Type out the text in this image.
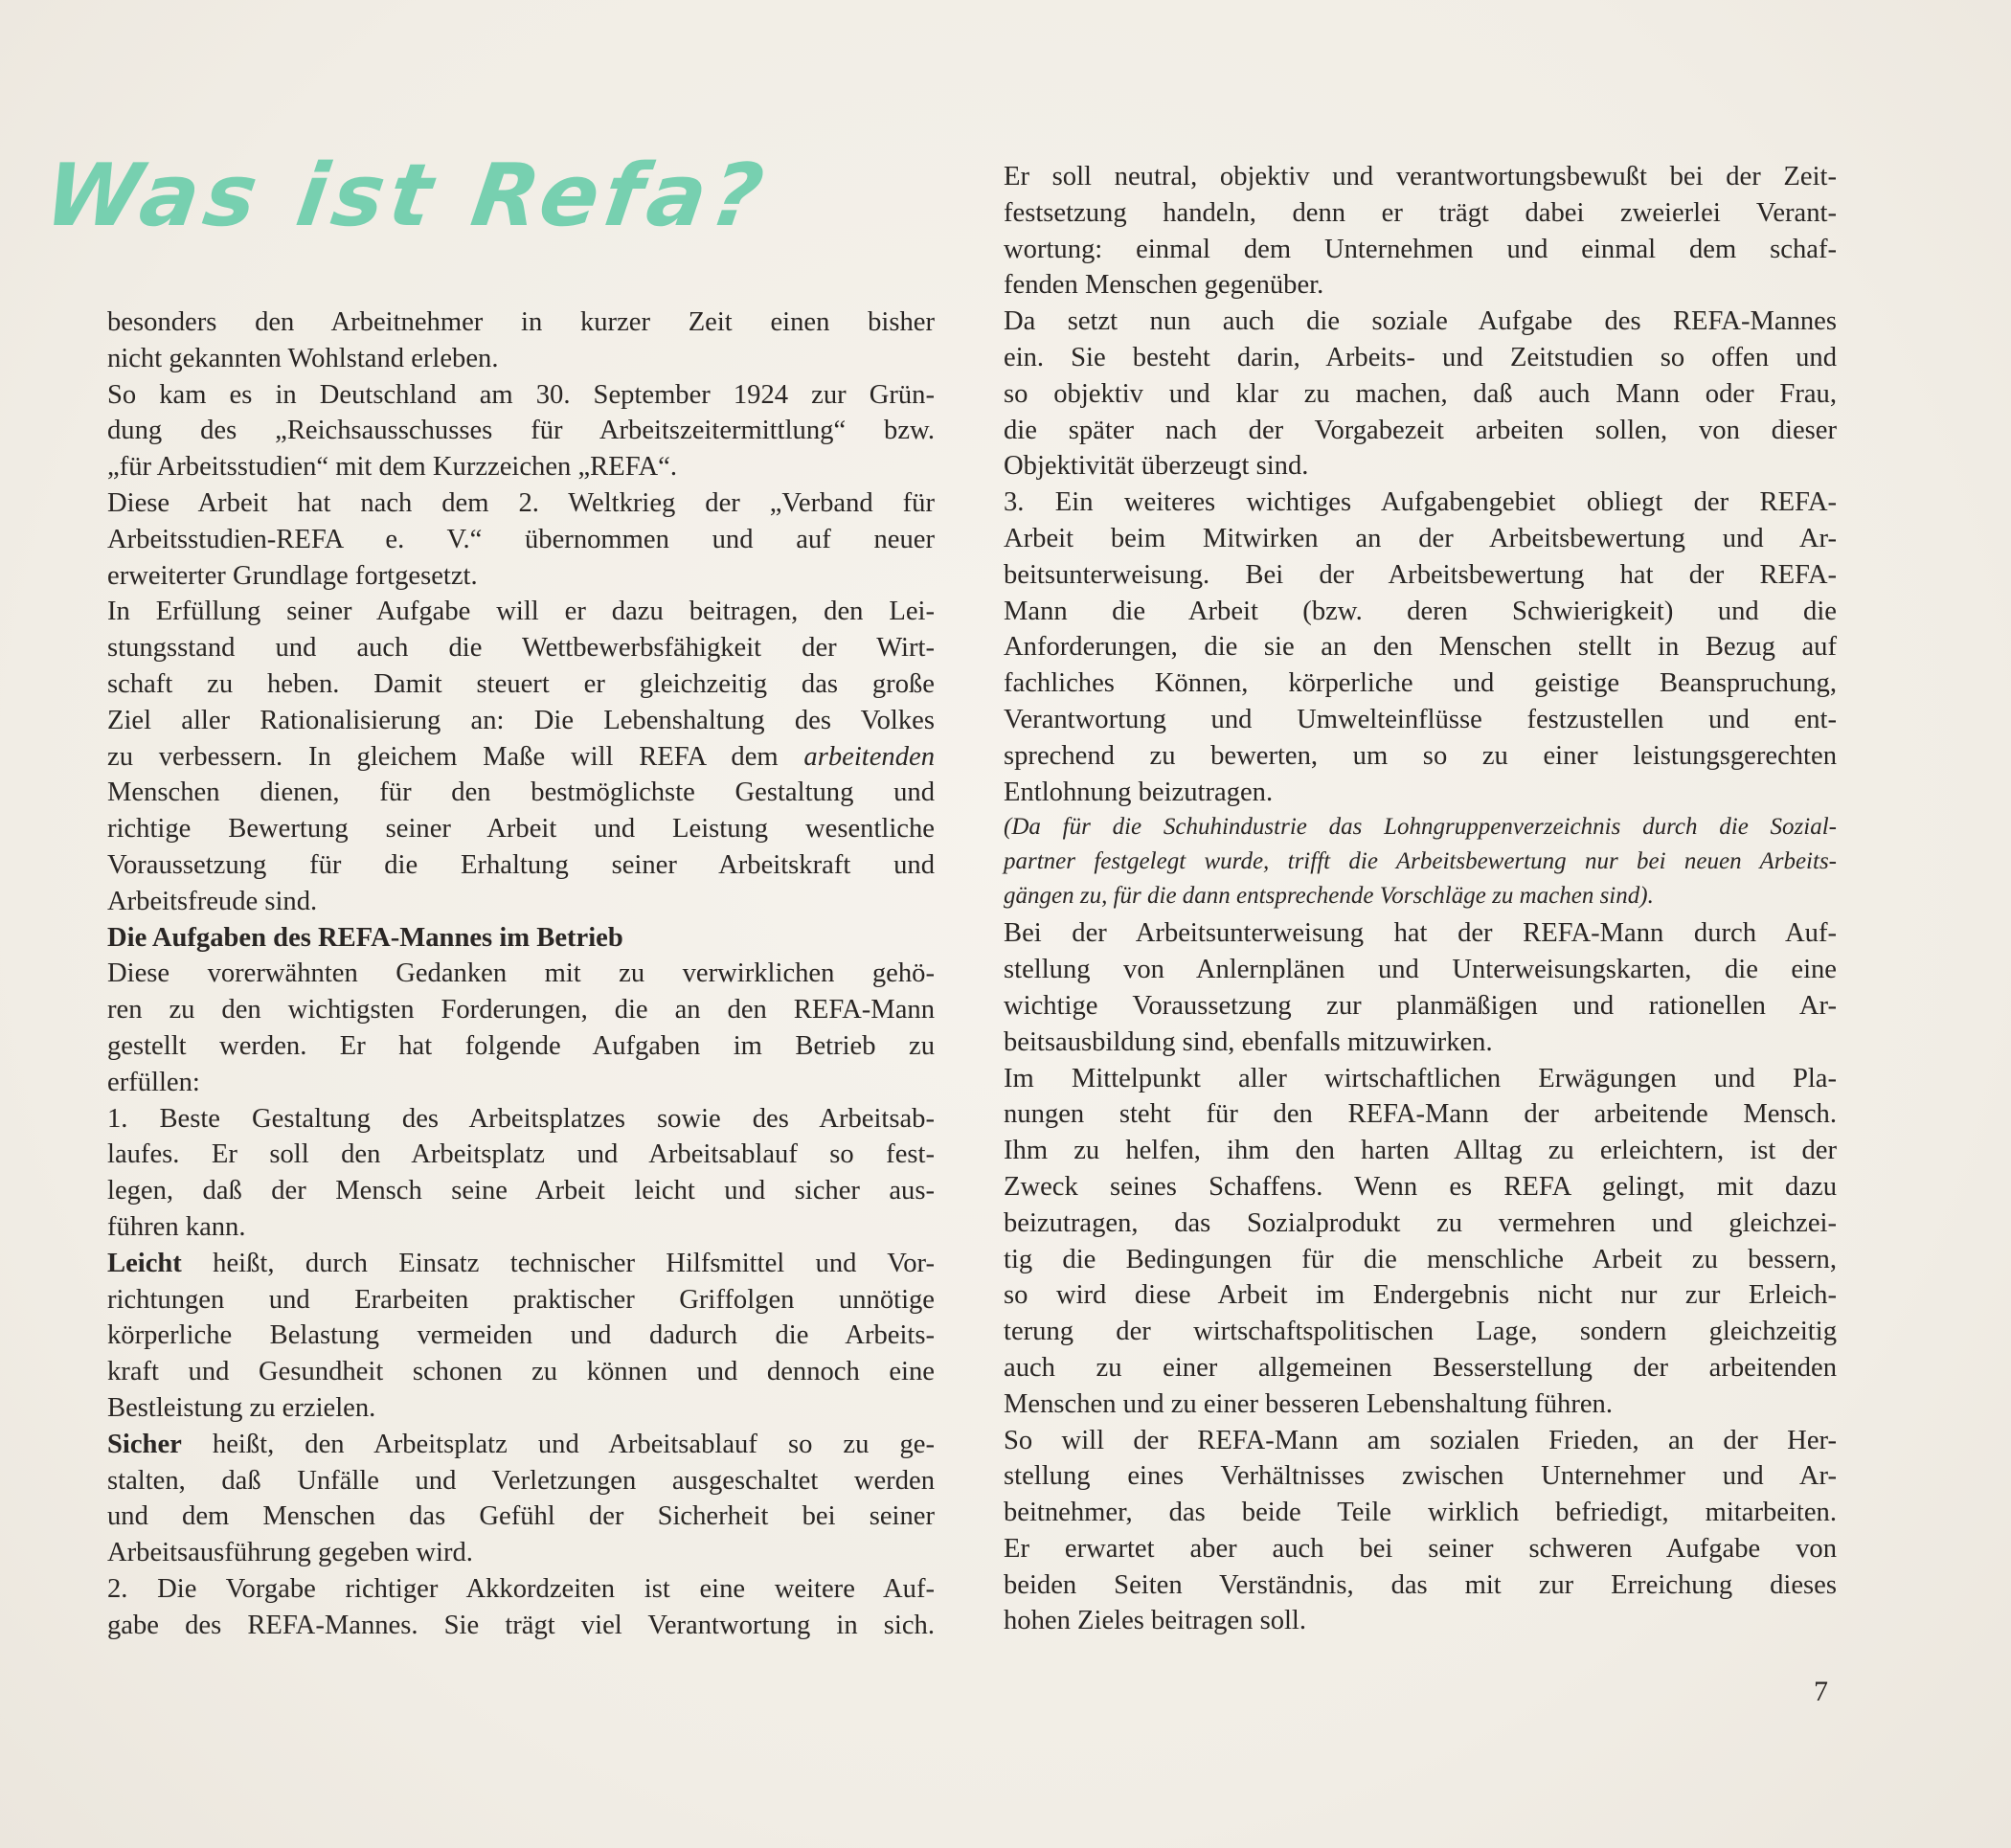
Was ist Refa?
besonders den Arbeitnehmer in kurzer Zeit einen bisher
nicht gekannten Wohlstand erleben.
So kam es in Deutschland am 30. September 1924 zur Grün-
dung des „Reichsausschusses für Arbeitszeitermittlung“ bzw.
„für Arbeitsstudien“ mit dem Kurzzeichen „REFA“.
Diese Arbeit hat nach dem 2. Weltkrieg der „Verband für
Arbeitsstudien-REFA e. V.“ übernommen und auf neuer
erweiterter Grundlage fortgesetzt.
In Erfüllung seiner Aufgabe will er dazu beitragen, den Lei-
stungsstand und auch die Wettbewerbsfähigkeit der Wirt-
schaft zu heben. Damit steuert er gleichzeitig das große
Ziel aller Rationalisierung an: Die Lebenshaltung des Volkes
zu verbessern. In gleichem Maße will REFA dem arbeitenden
Menschen dienen, für den bestmöglichste Gestaltung und
richtige Bewertung seiner Arbeit und Leistung wesentliche
Voraussetzung für die Erhaltung seiner Arbeitskraft und
Arbeitsfreude sind.
Die Aufgaben des REFA-Mannes im Betrieb
Diese vorerwähnten Gedanken mit zu verwirklichen gehö-
ren zu den wichtigsten Forderungen, die an den REFA-Mann
gestellt werden. Er hat folgende Aufgaben im Betrieb zu
erfüllen:
1. Beste Gestaltung des Arbeitsplatzes sowie des Arbeitsab-
laufes. Er soll den Arbeitsplatz und Arbeitsablauf so fest-
legen, daß der Mensch seine Arbeit leicht und sicher aus-
führen kann.
Leicht heißt, durch Einsatz technischer Hilfsmittel und Vor-
richtungen und Erarbeiten praktischer Griffolgen unnötige
körperliche Belastung vermeiden und dadurch die Arbeits-
kraft und Gesundheit schonen zu können und dennoch eine
Bestleistung zu erzielen.
Sicher heißt, den Arbeitsplatz und Arbeitsablauf so zu ge-
stalten, daß Unfälle und Verletzungen ausgeschaltet werden
und dem Menschen das Gefühl der Sicherheit bei seiner
Arbeitsausführung gegeben wird.
2. Die Vorgabe richtiger Akkordzeiten ist eine weitere Auf-
gabe des REFA-Mannes. Sie trägt viel Verantwortung in sich.
Er soll neutral, objektiv und verantwortungsbewußt bei der Zeit-
festsetzung handeln, denn er trägt dabei zweierlei Verant-
wortung: einmal dem Unternehmen und einmal dem schaf-
fenden Menschen gegenüber.
Da setzt nun auch die soziale Aufgabe des REFA-Mannes
ein. Sie besteht darin, Arbeits- und Zeitstudien so offen und
so objektiv und klar zu machen, daß auch Mann oder Frau,
die später nach der Vorgabezeit arbeiten sollen, von dieser
Objektivität überzeugt sind.
3. Ein weiteres wichtiges Aufgabengebiet obliegt der REFA-
Arbeit beim Mitwirken an der Arbeitsbewertung und Ar-
beitsunterweisung. Bei der Arbeitsbewertung hat der REFA-
Mann die Arbeit (bzw. deren Schwierigkeit) und die
Anforderungen, die sie an den Menschen stellt in Bezug auf
fachliches Können, körperliche und geistige Beanspruchung,
Verantwortung und Umwelteinflüsse festzustellen und ent-
sprechend zu bewerten, um so zu einer leistungsgerechten
Entlohnung beizutragen.
(Da für die Schuhindustrie das Lohngruppenverzeichnis durch die Sozial-
partner festgelegt wurde, trifft die Arbeitsbewertung nur bei neuen Arbeits-
gängen zu, für die dann entsprechende Vorschläge zu machen sind).
Bei der Arbeitsunterweisung hat der REFA-Mann durch Auf-
stellung von Anlernplänen und Unterweisungskarten, die eine
wichtige Voraussetzung zur planmäßigen und rationellen Ar-
beitsausbildung sind, ebenfalls mitzuwirken.
Im Mittelpunkt aller wirtschaftlichen Erwägungen und Pla-
nungen steht für den REFA-Mann der arbeitende Mensch.
Ihm zu helfen, ihm den harten Alltag zu erleichtern, ist der
Zweck seines Schaffens. Wenn es REFA gelingt, mit dazu
beizutragen, das Sozialprodukt zu vermehren und gleichzei-
tig die Bedingungen für die menschliche Arbeit zu bessern,
so wird diese Arbeit im Endergebnis nicht nur zur Erleich-
terung der wirtschaftspolitischen Lage, sondern gleichzeitig
auch zu einer allgemeinen Besserstellung der arbeitenden
Menschen und zu einer besseren Lebenshaltung führen.
So will der REFA-Mann am sozialen Frieden, an der Her-
stellung eines Verhältnisses zwischen Unternehmer und Ar-
beitnehmer, das beide Teile wirklich befriedigt, mitarbeiten.
Er erwartet aber auch bei seiner schweren Aufgabe von
beiden Seiten Verständnis, das mit zur Erreichung dieses
hohen Zieles beitragen soll.
7
